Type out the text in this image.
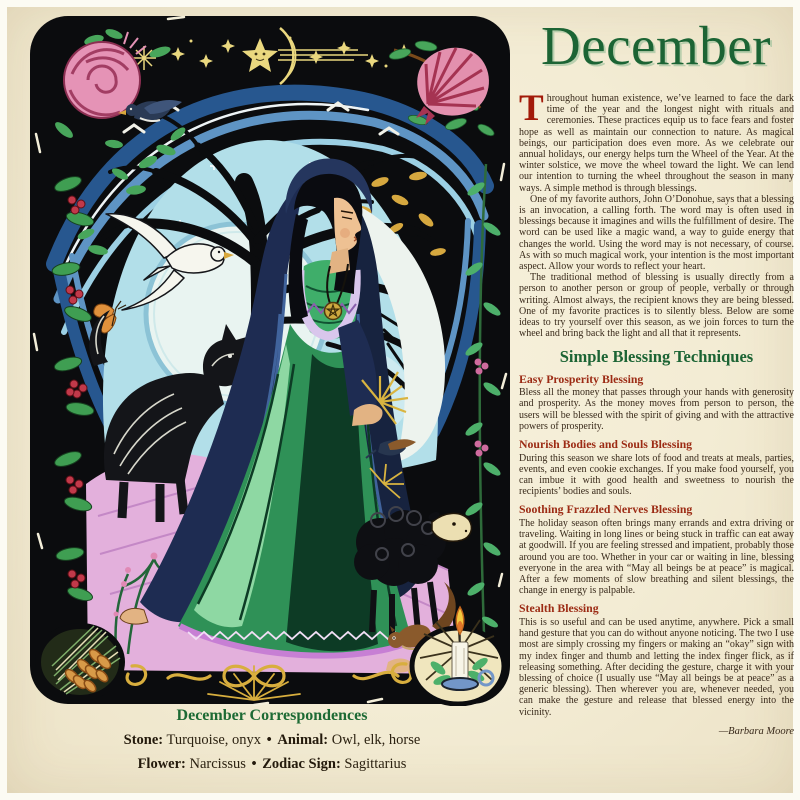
December

Throughout human existence, we’ve learned to face the dark time of the year and the longest night with rituals and ceremonies. These practices equip us to face fears and foster hope as well as maintain our connection to nature. As magical beings, our participation does even more. As we celebrate our annual holidays, our energy helps turn the Wheel of the Year. At the winter solstice, we move the wheel toward the light. We can lend our intention to turning the wheel throughout the season in many ways. A simple method is through blessings.

One of my favorite authors, John O’Donohue, says that a blessing is an invocation, a calling forth. The word may is often used in blessings because it imagines and wills the fulfillment of desire. The word can be used like a magic wand, a way to guide energy that changes the world. Using the word may is not necessary, of course. As with so much magical work, your intention is the most important aspect. Allow your words to reflect your heart.

The traditional method of blessing is usually directly from a person to another person or group of people, verbally or through writing. Almost always, the recipient knows they are being blessed. One of my favorite practices is to silently bless. Below are some ideas to try yourself over this season, as we join forces to turn the wheel and bring back the light and all that it represents.

Simple Blessing Techniques
Easy Prosperity Blessing

Bless all the money that passes through your hands with generosity and prosperity. As the money moves from person to person, the users will be blessed with the spirit of giving and with the attractive powers of prosperity.

Nourish Bodies and Souls Blessing

During this season we share lots of food and treats at meals, parties, events, and even cookie exchanges. If you make food yourself, you can imbue it with good health and sweetness to nourish the recipients’ bodies and souls.

Soothing Frazzled Nerves Blessing

The holiday season often brings many errands and extra driving or traveling. Waiting in long lines or being stuck in traffic can eat away at goodwill. If you are feeling stressed and impatient, probably those around you are too. Whether in your car or waiting in line, blessing everyone in the area with “May all beings be at peace” is magical. After a few moments of slow breathing and silent blessings, the change in energy is palpable.

Stealth Blessing

This is so useful and can be used anytime, anywhere. Pick a small hand gesture that you can do without anyone noticing. The two I use most are simply crossing my fingers or making an “okay” sign with my index finger and thumb and letting the index finger flick, as if releasing something. After deciding the gesture, charge it with your blessing of choice (I usually use “May all beings be at peace” as a generic blessing). Then wherever you are, whenever needed, you can make the gesture and release that blessed energy into the vicinity.

—Barbara Moore
December Correspondences
Stone: Turquoise, onyx • Animal: Owl, elk, horse
Flower: Narcissus • Zodiac Sign: Sagittarius
